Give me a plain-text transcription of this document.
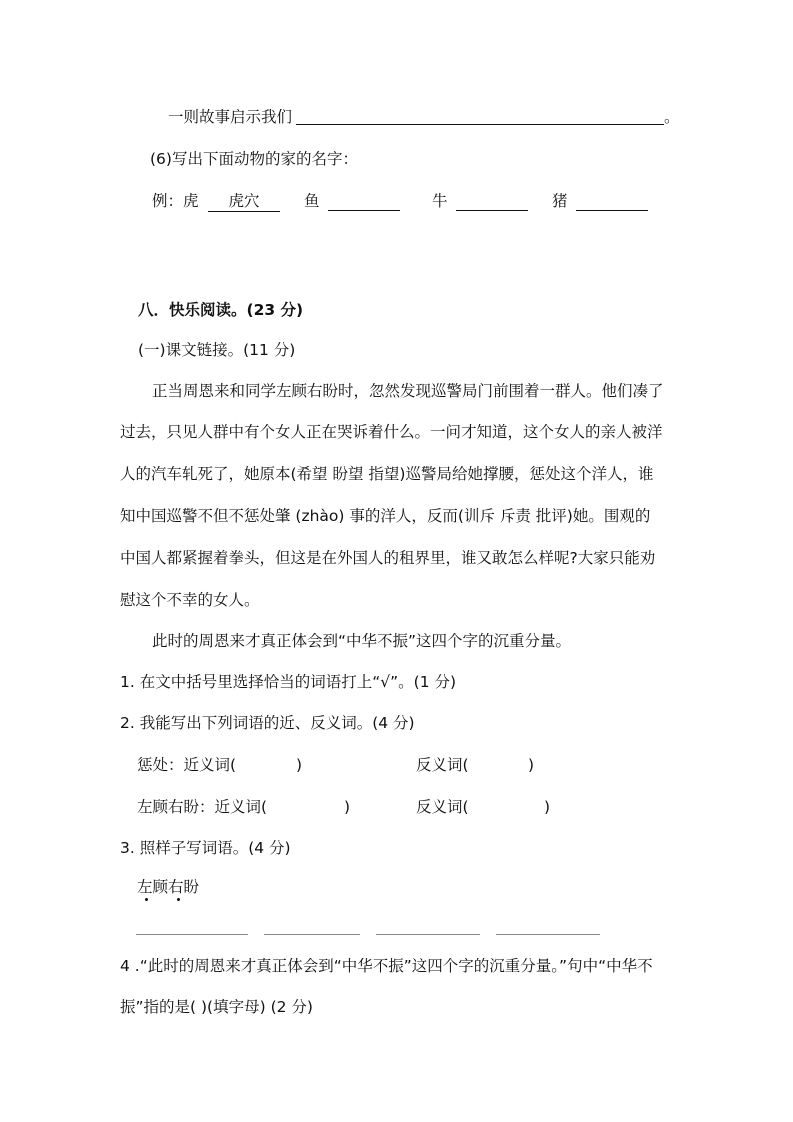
一则故事启示我们	。
(6)写出下面动物的家的名字：
例：虎	虎穴	鱼	牛	猪
八．快乐阅读。(23 分)
(一)课文链接。(11 分)
正当周恩来和同学左顾右盼时，忽然发现巡警局门前围着一群人。他们凑了
过去，只见人群中有个女人正在哭诉着什么。一问才知道，这个女人的亲人被洋
人的汽车轧死了，她原本(希望 盼望 指望)巡警局给她撑腰，惩处这个洋人，谁
知中国巡警不但不惩处肇 (zhào) 事的洋人，反而(训斥 斥责 批评)她。围观的
中国人都紧握着拳头，但这是在外国人的租界里，谁又敢怎么样呢?大家只能劝
慰这个不幸的女人。
此时的周恩来才真正体会到“中华不振”这四个字的沉重分量。
1. 在文中括号里选择恰当的词语打上“√”。(1 分)
2. 我能写出下列词语的近、反义词。(4 分)
惩处：近义词(	)	反义词(	)
左顾右盼：近义词(	)	反义词(	)
3. 照样子写词语。(4 分)
左顾右盼
4 .“此时的周恩来才真正体会到“中华不振”这四个字的沉重分量。”句中“中华不
振”指的是( )(填字母) (2 分)
